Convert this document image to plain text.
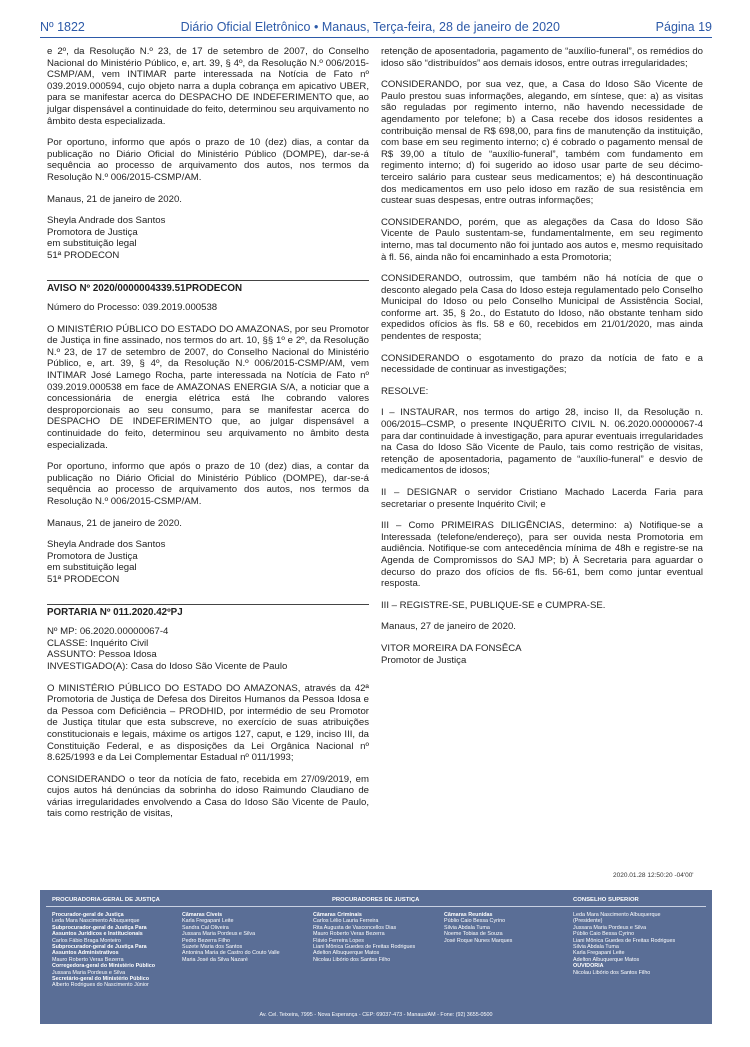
Nº 1822	Diário Oficial Eletrônico • Manaus, Terça-feira, 28 de janeiro de 2020	Página 19

e 2º, da Resolução N.º 23, de 17 de setembro de 2007, do Conselho Nacional do Ministério Público, e, art. 39, § 4º, da Resolução N.º 006/2015-CSMP/AM, vem INTIMAR parte interessada na Notícia de Fato nº 039.2019.000594, cujo objeto narra a dupla cobrança em apicativo UBER, para se manifestar acerca do DESPACHO DE INDEFERIMENTO que, ao julgar dispensável a continuidade do feito, determinou seu arquivamento no âmbito desta especializada.

Por oportuno, informo que após o prazo de 10 (dez) dias, a contar da publicação no Diário Oficial do Ministério Público (DOMPE), dar-se-á sequência ao processo de arquivamento dos autos, nos termos da Resolução N.º 006/2015-CSMP/AM.

Manaus, 21 de janeiro de 2020.

Sheyla Andrade dos Santos
Promotora de Justiça
em substituição legal
51ª PRODECON
AVISO Nº 2020/0000004339.51PRODECON

Número do Processo: 039.2019.000538

O MINISTÉRIO PÚBLICO DO ESTADO DO AMAZONAS, por seu Promotor de Justiça in fine assinado, nos termos do art. 10, §§ 1º e 2º, da Resolução N.º 23, de 17 de setembro de 2007, do Conselho Nacional do Ministério Público, e, art. 39, § 4º, da Resolução N.º 006/2015-CSMP/AM, vem INTIMAR José Lamego Rocha, parte interessada na Notícia de Fato nº 039.2019.000538 em face de AMAZONAS ENERGIA S/A, a noticiar que a concessionária de energia elétrica está lhe cobrando valores desproporcionais ao seu consumo, para se manifestar acerca do DESPACHO DE INDEFERIMENTO que, ao julgar dispensável a continuidade do feito, determinou seu arquivamento no âmbito desta especializada.

Por oportuno, informo que após o prazo de 10 (dez) dias, a contar da publicação no Diário Oficial do Ministério Público (DOMPE), dar-se-á sequência ao processo de arquivamento dos autos, nos termos da Resolução N.º 006/2015-CSMP/AM.

Manaus, 21 de janeiro de 2020.

Sheyla Andrade dos Santos
Promotora de Justiça
em substituição legal
51ª PRODECON
PORTARIA Nº 011.2020.42ºPJ
Nº MP: 06.2020.00000067-4
CLASSE: Inquérito Civil
ASSUNTO: Pessoa Idosa
INVESTIGADO(A): Casa do Idoso São Vicente de Paulo

O MINISTÉRIO PÚBLICO DO ESTADO DO AMAZONAS, através da 42ª Promotoria de Justiça de Defesa dos Direitos Humanos da Pessoa Idosa e da Pessoa com Deficiência – PRODHID, por intermédio de seu Promotor de Justiça titular que esta subscreve, no exercício de suas atribuições constitucionais e legais, máxime os artigos 127, caput, e 129, inciso III, da Constituição Federal, e as disposições da Lei Orgânica Nacional nº 8.625/1993 e da Lei Complementar Estadual nº 011/1993;

CONSIDERANDO o teor da notícia de fato, recebida em 27/09/2019, em cujos autos há denúncias da sobrinha do idoso Raimundo Claudiano de várias irregularidades envolvendo a Casa do Idoso São Vicente de Paulo, tais como restrição de visitas,

retenção de aposentadoria, pagamento de “auxílio-funeral”, os remédios do idoso são “distribuídos” aos demais idosos, entre outras irregularidades;

CONSIDERANDO, por sua vez, que, a Casa do Idoso São Vicente de Paulo prestou suas informações, alegando, em síntese, que: a) as visitas são reguladas por regimento interno, não havendo necessidade de agendamento por telefone; b) a Casa recebe dos idosos residentes a contribuição mensal de R$ 698,00, para fins de manutenção da instituição, com base em seu regimento interno; c) é cobrado o pagamento mensal de R$ 39,00 a título de “auxílio-funeral”, também com fundamento em regimento interno; d) foi sugerido ao idoso usar parte de seu décimo-terceiro salário para custear seus medicamentos; e) há descontinuação dos medicamentos em uso pelo idoso em razão de sua resistência em custear suas despesas, entre outras informações;

CONSIDERANDO, porém, que as alegações da Casa do Idoso São Vicente de Paulo sustentam-se, fundamentalmente, em seu regimento interno, mas tal documento não foi juntado aos autos e, mesmo requisitado à fl. 56, ainda não foi encaminhado a esta Promotoria;

CONSIDERANDO, outrossim, que também não há notícia de que o desconto alegado pela Casa do Idoso esteja regulamentado pelo Conselho Municipal do Idoso ou pelo Conselho Municipal de Assistência Social, conforme art. 35, § 2o., do Estatuto do Idoso, não obstante tenham sido expedidos ofícios às fls. 58 e 60, recebidos em 21/01/2020, mas ainda pendentes de resposta;

CONSIDERANDO o esgotamento do prazo da notícia de fato e a necessidade de continuar as investigações;

RESOLVE:

I – INSTAURAR, nos termos do artigo 28, inciso II, da Resolução n. 006/2015–CSMP, o presente INQUÉRITO CIVIL N. 06.2020.00000067-4 para dar continuidade à investigação, para apurar eventuais irregularidades na Casa do Idoso São Vicente de Paulo, tais como restrição de visitas, retenção de aposentadoria, pagamento de “auxílio-funeral” e desvio de medicamentos de idosos;

II – DESIGNAR o servidor Cristiano Machado Lacerda Faria para secretariar o presente Inquérito Civil; e

III – Como PRIMEIRAS DILIGÊNCIAS, determino: a) Notifique-se a Interessada (telefone/endereço), para ser ouvida nesta Promotoria em audiência. Notifique-se com antecedência mínima de 48h e registre-se na Agenda de Compromissos do SAJ MP; b) À Secretaria para aguardar o decurso do prazo dos ofícios de fls. 56-61, bem como juntar eventual resposta.

III – REGISTRE-SE, PUBLIQUE-SE e CUMPRA-SE.

Manaus, 27 de janeiro de 2020.

VITOR MOREIRA DA FONSÊCA
Promotor de Justiça
2020.01.28 12:50:20 -04'00'
PROCURADORIA-GERAL DE JUSTIÇA	PROCURADORES DE JUSTIÇA	CONSELHO SUPERIOR
Procurador-geral de Justiça
Leda Mara Nascimento Albuquerque
Subprocurador-geral de Justiça Para
Assuntos Jurídicos e Institucionais
Carlos Fábio Braga Monteiro
Subprocurador-geral de Justiça Para
Assuntos Administrativos
Mauro Roberto Veras Bezerra
Corregedora-geral do Ministério Público
Jussara Maria Pordeus e Silva
Secretário-geral do Ministério Público
Alberto Rodrigues do Nascimento Júnior
Câmaras Cíveis
Karla Fregapani Leite
Sandra Cal Oliveira
Jussara Maria Pordeus e Silva
Pedro Bezerra Filho
Suzete Maria dos Santos
Antonina Maria de Castro do Couto Valle
Maria José da Silva Nazaré
Câmaras Criminais
Carlos Lélio Lauria Ferreira
Rita Augusta de Vasconcellos Dias
Mauro Roberto Veras Bezerra
Flávio Ferreira Lopes
Liani Mônica Guedes de Freitas Rodrigues
Adelton Albuquerque Matos
Nicolau Libório dos Santos Filho
Câmaras Reunidas
Públio Caio Bessa Cyrino
Silvia Abdala Tuma
Noeme Tobias de Souza
José Roque Nunes Marques
Leda Mara Nascimento Albuquerque
(Presidente)
Jussara Maria Pordeus e Silva
Públio Caio Bessa Cyrino
Liani Mônica Guedes de Freitas Rodrigues
Silvia Abdala Tuma
Karla Fregapani Leite
Adelton Albuquerque Matos
OUVIDORIA
Nicolau Libório dos Santos Filho
Av. Cel. Teixeira, 7995 - Nova Esperança - CEP: 69037-473 - Manaus/AM - Fone: (92) 3655-0500
